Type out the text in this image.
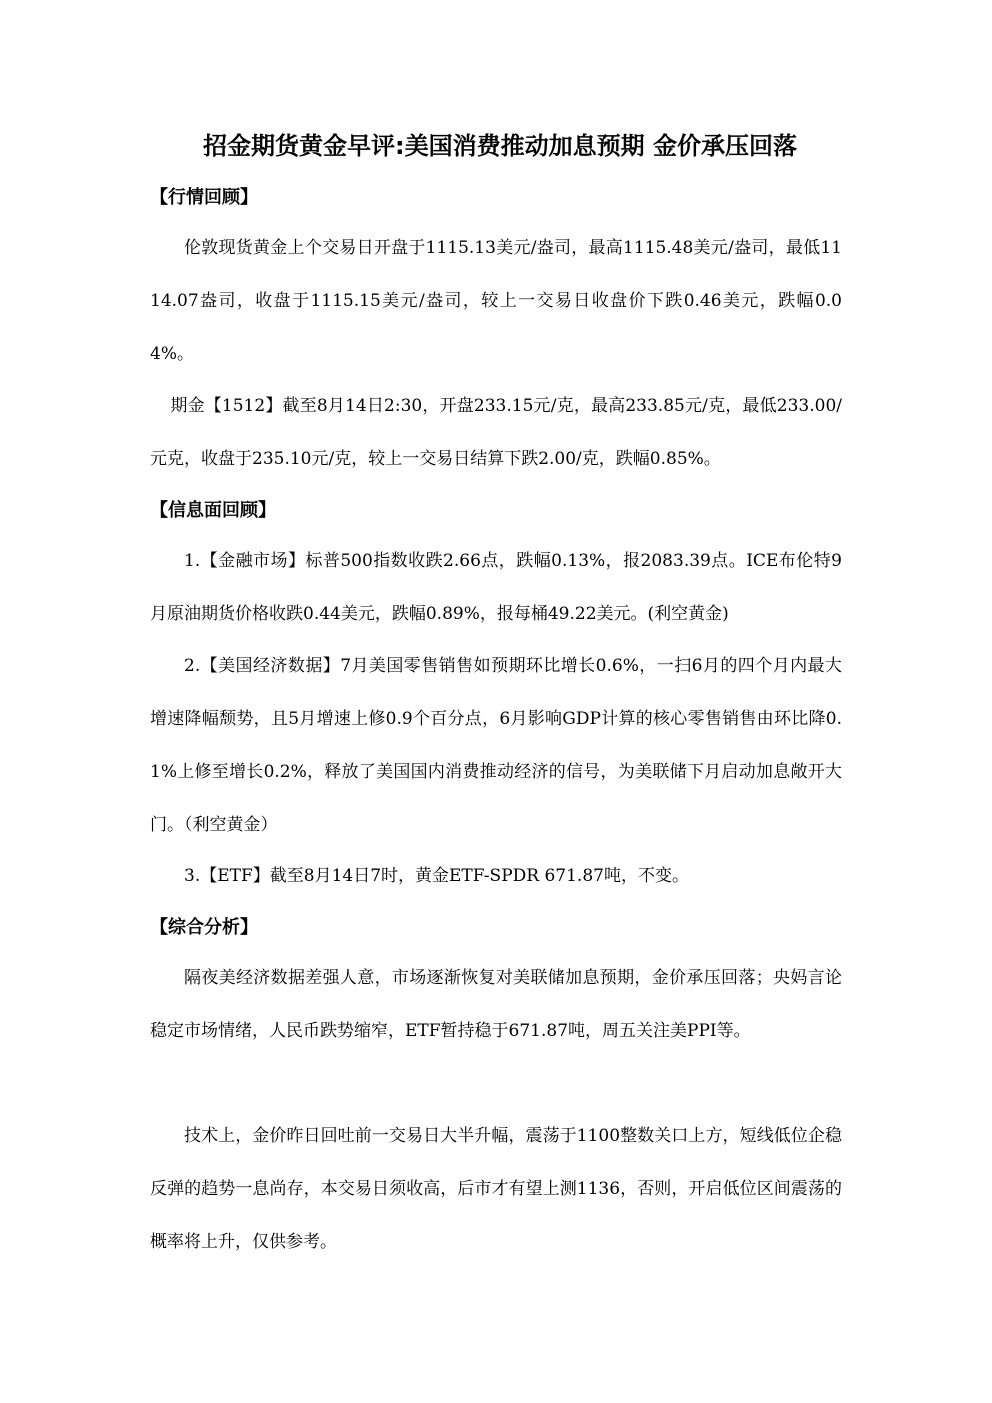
招金期货黄金早评:美国消费推动加息预期 金价承压回落
【行情回顾】
伦敦现货黄金上个交易日开盘于1115.13美元/盎司，最高1115.48美元/盎司，最低1114.07盎司，收盘于1115.15美元/盎司，较上一交易日收盘价下跌0.46美元，跌幅0.04%。
期金【1512】截至8月14日2:30，开盘233.15元/克，最高233.85元/克，最低233.00/元克，收盘于235.10元/克，较上一交易日结算下跌2.00/克，跌幅0.85%。
【信息面回顾】
1.【金融市场】标普500指数收跌2.66点，跌幅0.13%，报2083.39点。ICE布伦特9月原油期货价格收跌0.44美元，跌幅0.89%，报每桶49.22美元。(利空黄金)
2.【美国经济数据】7月美国零售销售如预期环比增长0.6%，一扫6月的四个月内最大增速降幅颓势，且5月增速上修0.9个百分点，6月影响GDP计算的核心零售销售由环比降0.1%上修至增长0.2%，释放了美国国内消费推动经济的信号，为美联储下月启动加息敞开大门。（利空黄金）
3.【ETF】截至8月14日7时，黄金ETF-SPDR 671.87吨，不变。
【综合分析】
隔夜美经济数据差强人意，市场逐渐恢复对美联储加息预期，金价承压回落；央妈言论稳定市场情绪，人民币跌势缩窄，ETF暂持稳于671.87吨，周五关注美PPI等。
技术上，金价昨日回吐前一交易日大半升幅，震荡于1100整数关口上方，短线低位企稳反弹的趋势一息尚存，本交易日须收高，后市才有望上测1136，否则，开启低位区间震荡的概率将上升，仅供参考。
